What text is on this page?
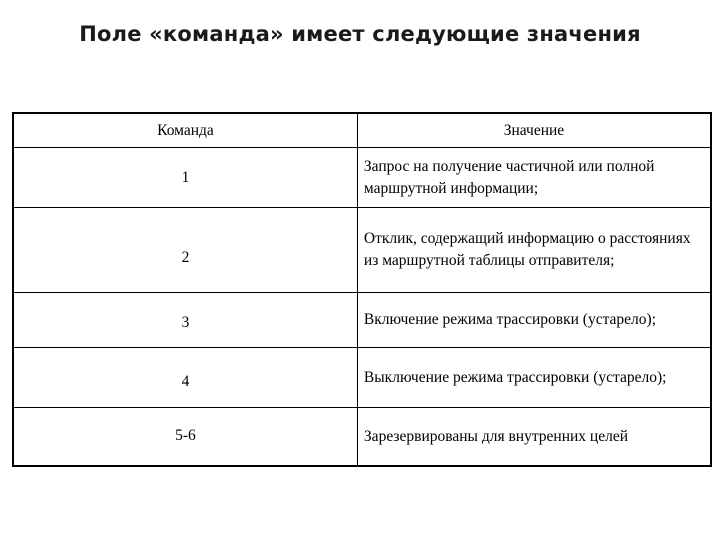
Поле «команда» имеет следующие значения
Команда	Значение
1	Запрос на получение частичной или полной маршрутной информации;
2	Отклик, содержащий информацию о расстояниях из маршрутной таблицы отправителя;
3	Включение режима трассировки (устарело);
4	Выключение режима трассировки (устарело);
5-6	Зарезервированы для внутренних целей
